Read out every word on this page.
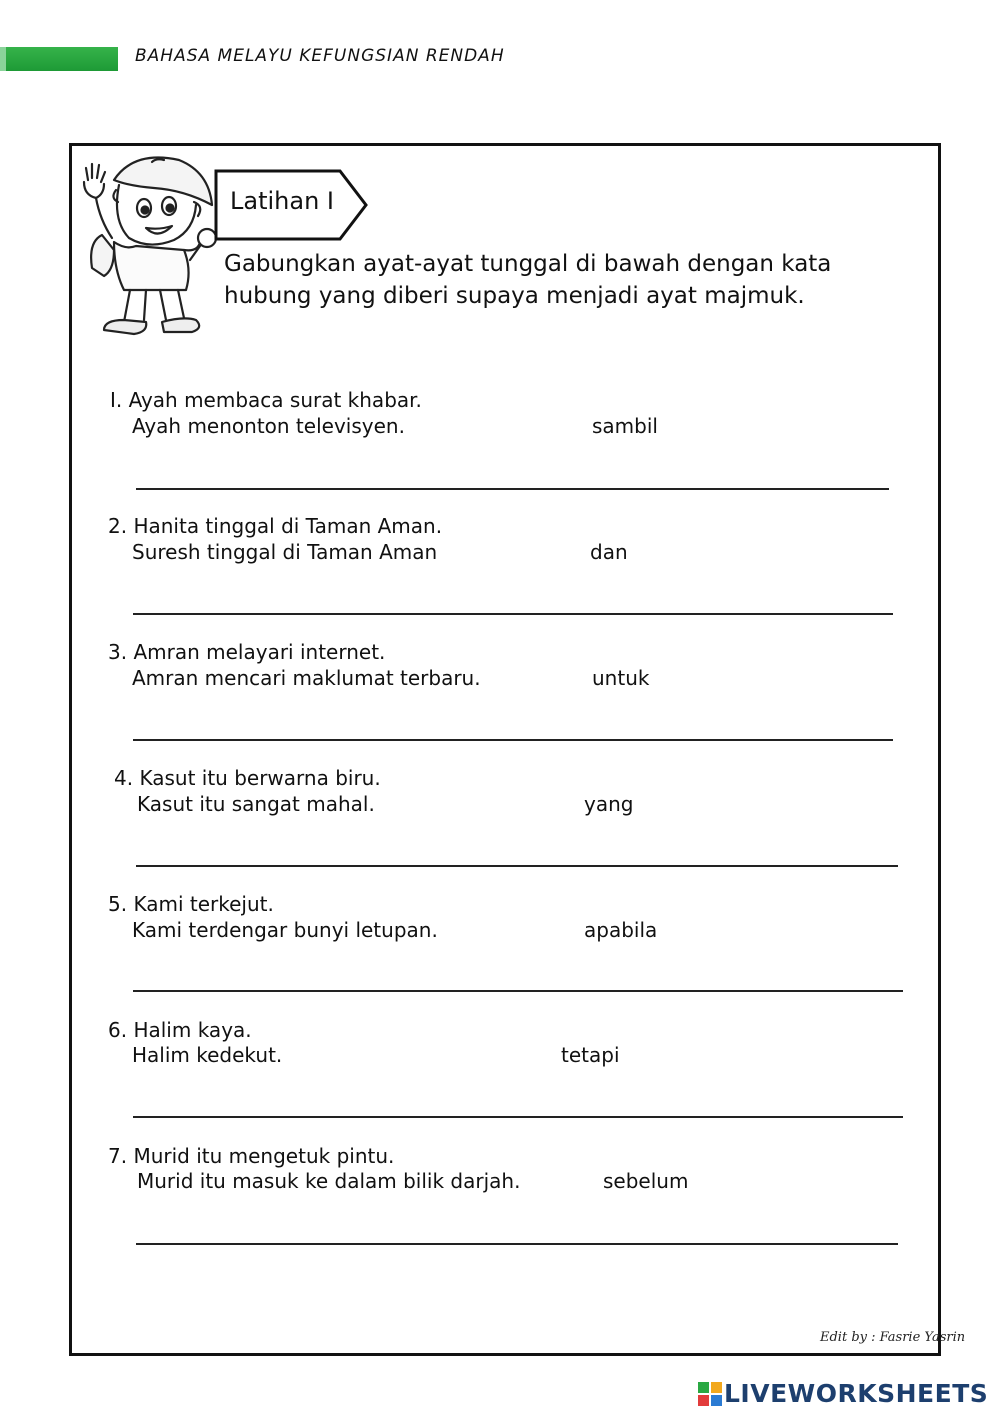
BAHASA MELAYU KEFUNGSIAN RENDAH
Latihan I
Gabungkan ayat-ayat tunggal di bawah dengan kata
hubung yang diberi supaya menjadi ayat majmuk.
I. Ayah membaca surat khabar.
Ayah menonton televisyen.	sambil
2. Hanita tinggal di Taman Aman.
Suresh tinggal di Taman Aman	dan
3. Amran melayari internet.
Amran mencari maklumat terbaru.	untuk
4. Kasut itu berwarna biru.
Kasut itu sangat mahal.	yang
5. Kami terkejut.
Kami terdengar bunyi letupan.	apabila
6. Halim kaya.
Halim kedekut.	tetapi
7. Murid itu mengetuk pintu.
Murid itu masuk ke dalam bilik darjah.	sebelum
Edit by : Fasrie Yasrin
LIVEWORKSHEETS
